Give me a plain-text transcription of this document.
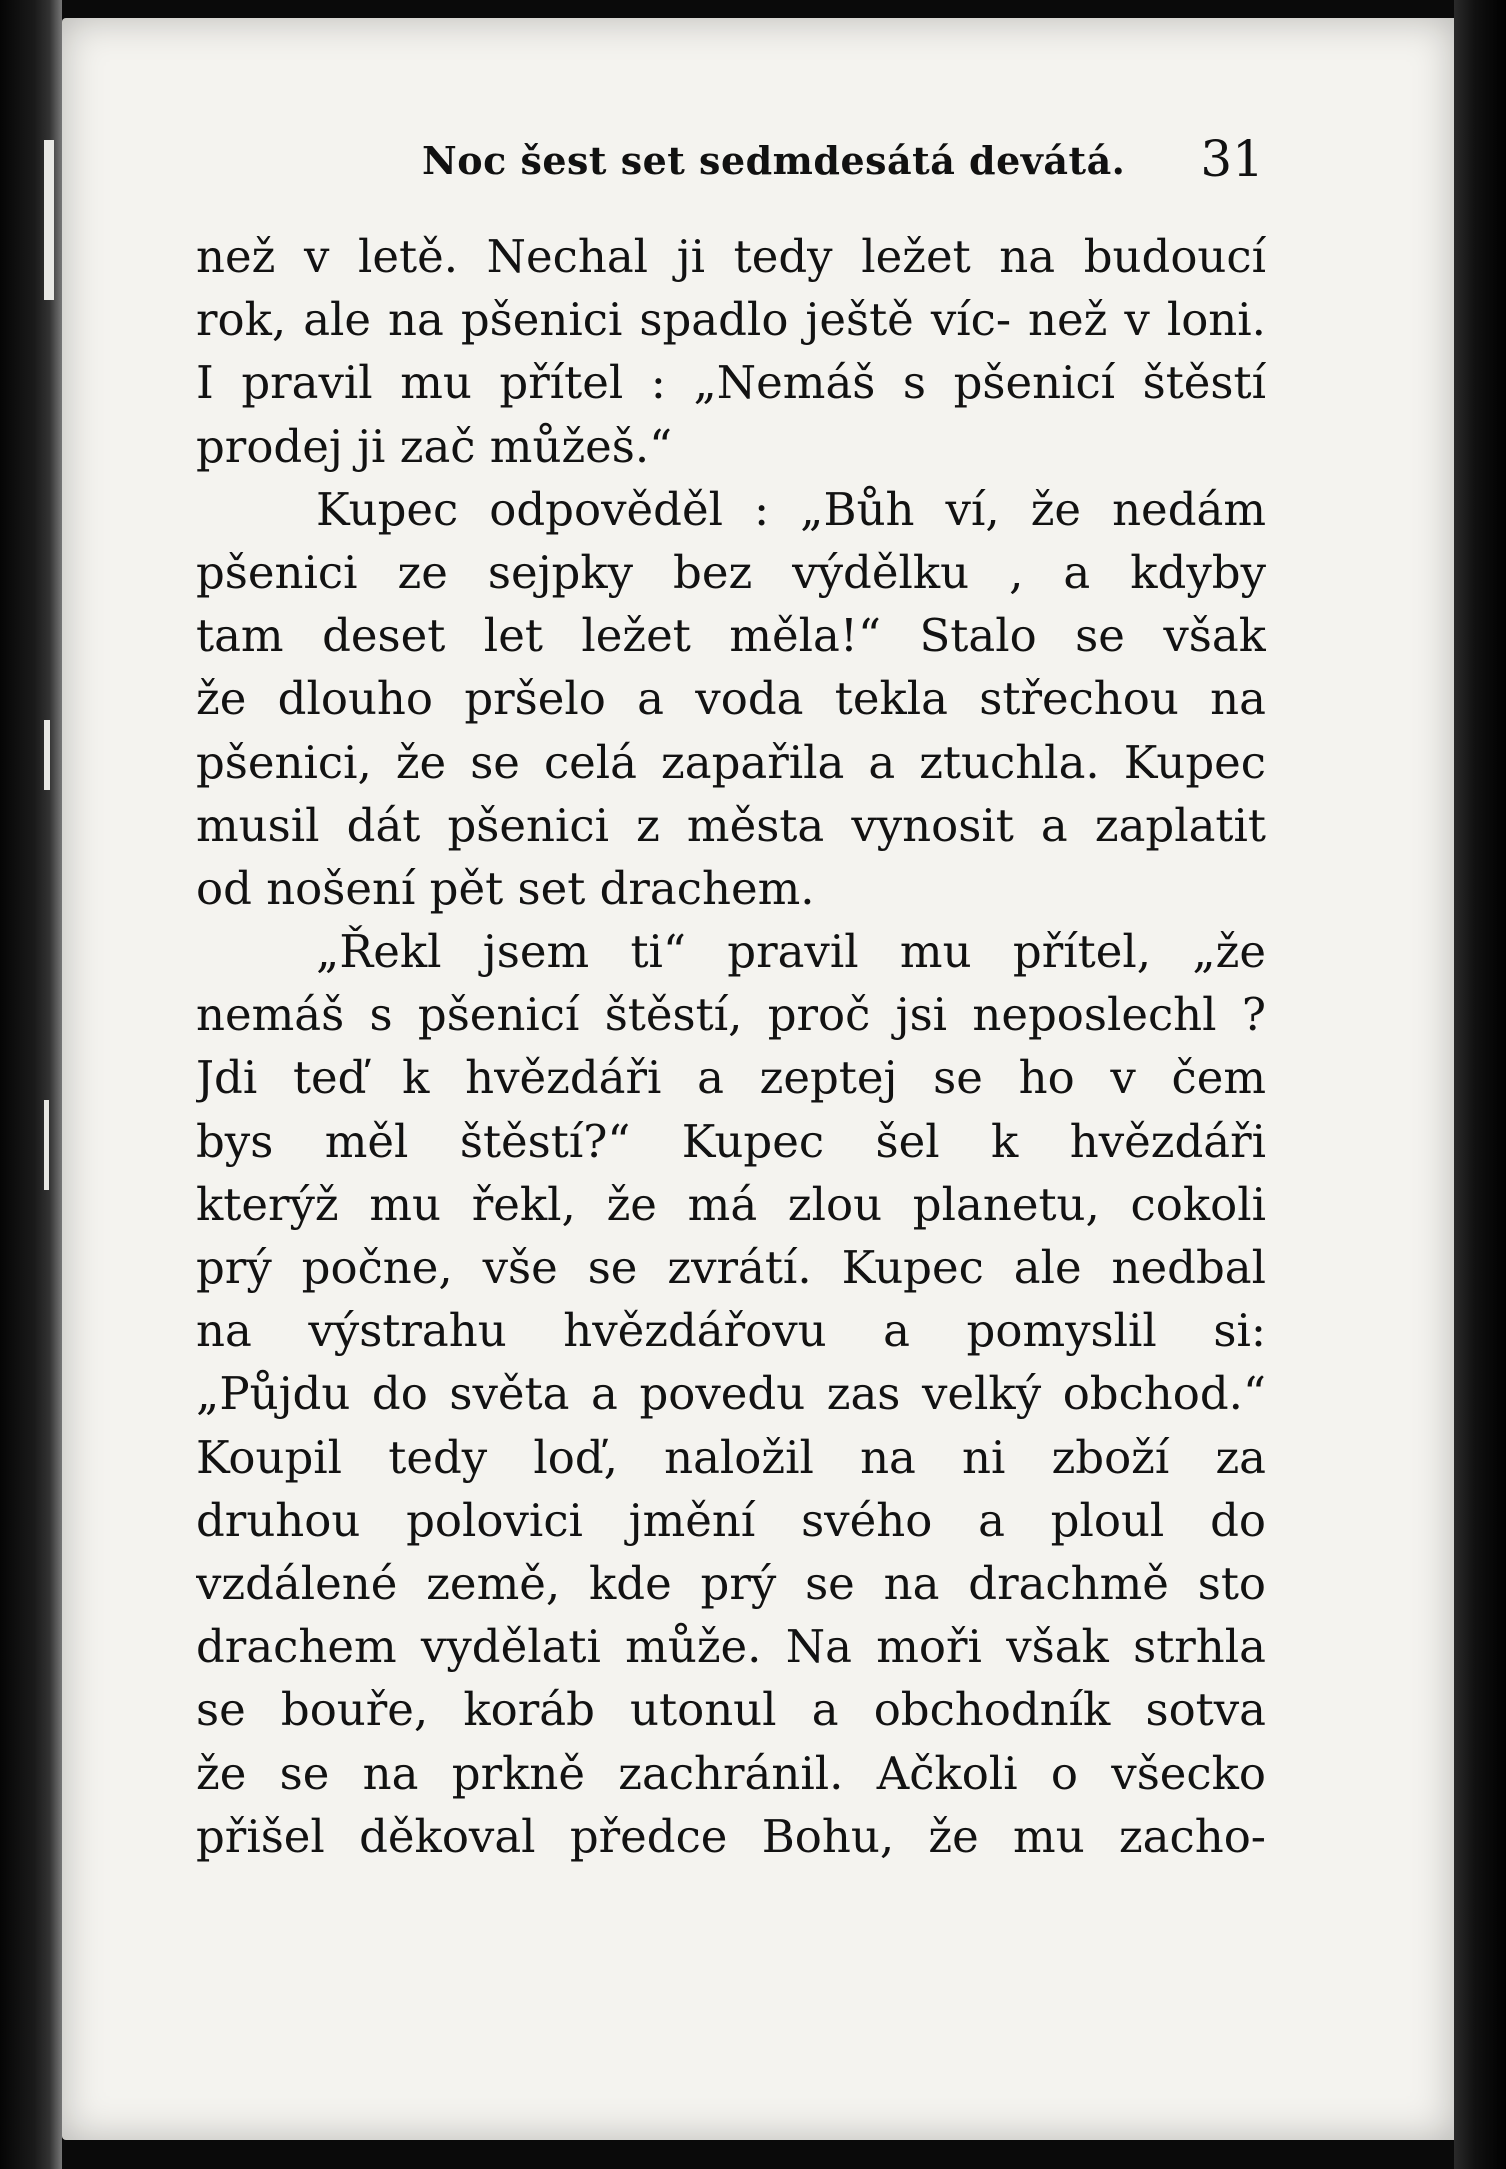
Noc šest set sedmdesátá devátá. 31
než v letě. Nechal ji tedy ležet na budoucí
rok, ale na pšenici spadlo ještě víc- než v loni.
I pravil mu přítel : „Nemáš s pšenicí štěstí
prodej ji zač můžeš.“
Kupec odpověděl : „Bůh ví, že nedám
pšenici ze sejpky bez výdělku , a kdyby
tam deset let ležet měla!“ Stalo se však
že dlouho pršelo a voda tekla střechou na
pšenici, že se celá zapařila a ztuchla. Kupec
musil dát pšenici z města vynosit a zaplatit
od nošení pět set drachem.
„Řekl jsem ti“ pravil mu přítel, „že
nemáš s pšenicí štěstí, proč jsi neposlechl ?
Jdi teď k hvězdáři a zeptej se ho v čem
bys měl štěstí?“ Kupec šel k hvězdáři
kterýž mu řekl, že má zlou planetu, cokoli
prý počne, vše se zvrátí. Kupec ale nedbal
na výstrahu hvězdářovu a pomyslil si:
„Půjdu do světa a povedu zas velký obchod.“
Koupil tedy loď, naložil na ni zboží za
druhou polovici jmění svého a ploul do
vzdálené země, kde prý se na drachmě sto
drachem vydělati může. Na moři však strhla
se bouře, koráb utonul a obchodník sotva
že se na prkně zachránil. Ačkoli o všecko
přišel děkoval předce Bohu, že mu zacho-
